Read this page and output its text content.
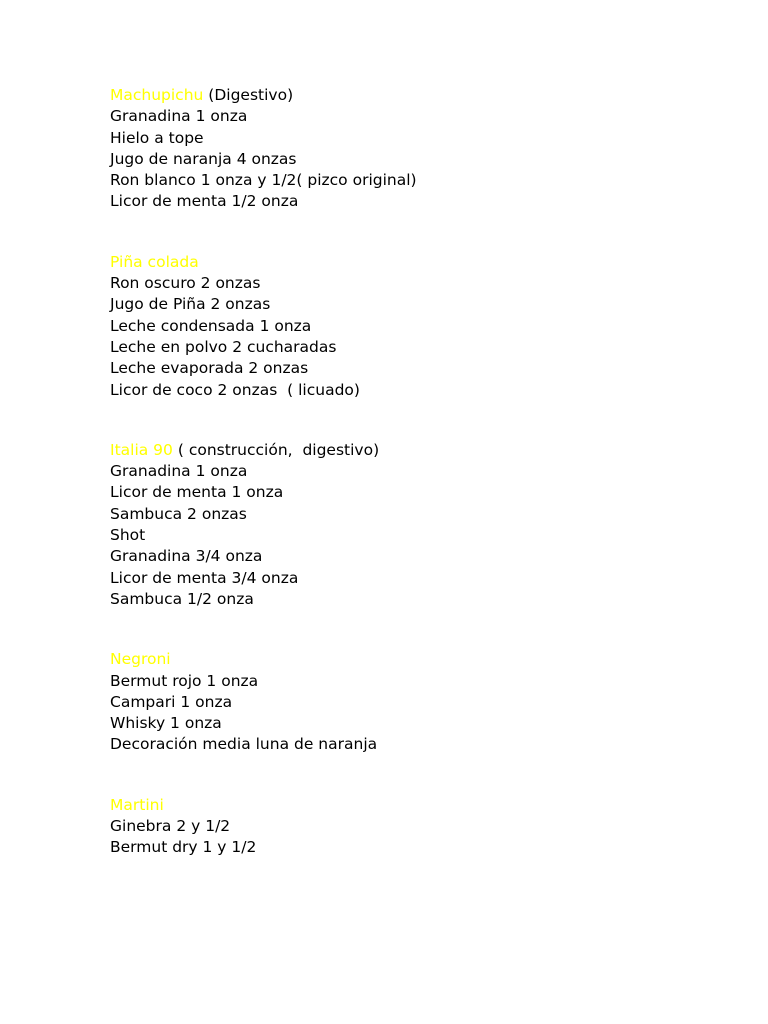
Machupichu (Digestivo)
Granadina 1 onza
Hielo a tope
Jugo de naranja 4 onzas
Ron blanco 1 onza y 1/2( pizco original)
Licor de menta 1/2 onza
Piña colada
Ron oscuro 2 onzas
Jugo de Piña 2 onzas
Leche condensada 1 onza
Leche en polvo 2 cucharadas
Leche evaporada 2 onzas
Licor de coco 2 onzas  ( licuado)
Italia 90 ( construcción,  digestivo)
Granadina 1 onza
Licor de menta 1 onza
Sambuca 2 onzas
Shot
Granadina 3/4 onza
Licor de menta 3/4 onza
Sambuca 1/2 onza
Negroni
Bermut rojo 1 onza
Campari 1 onza
Whisky 1 onza
Decoración media luna de naranja
Martini
Ginebra 2 y 1/2
Bermut dry 1 y 1/2
